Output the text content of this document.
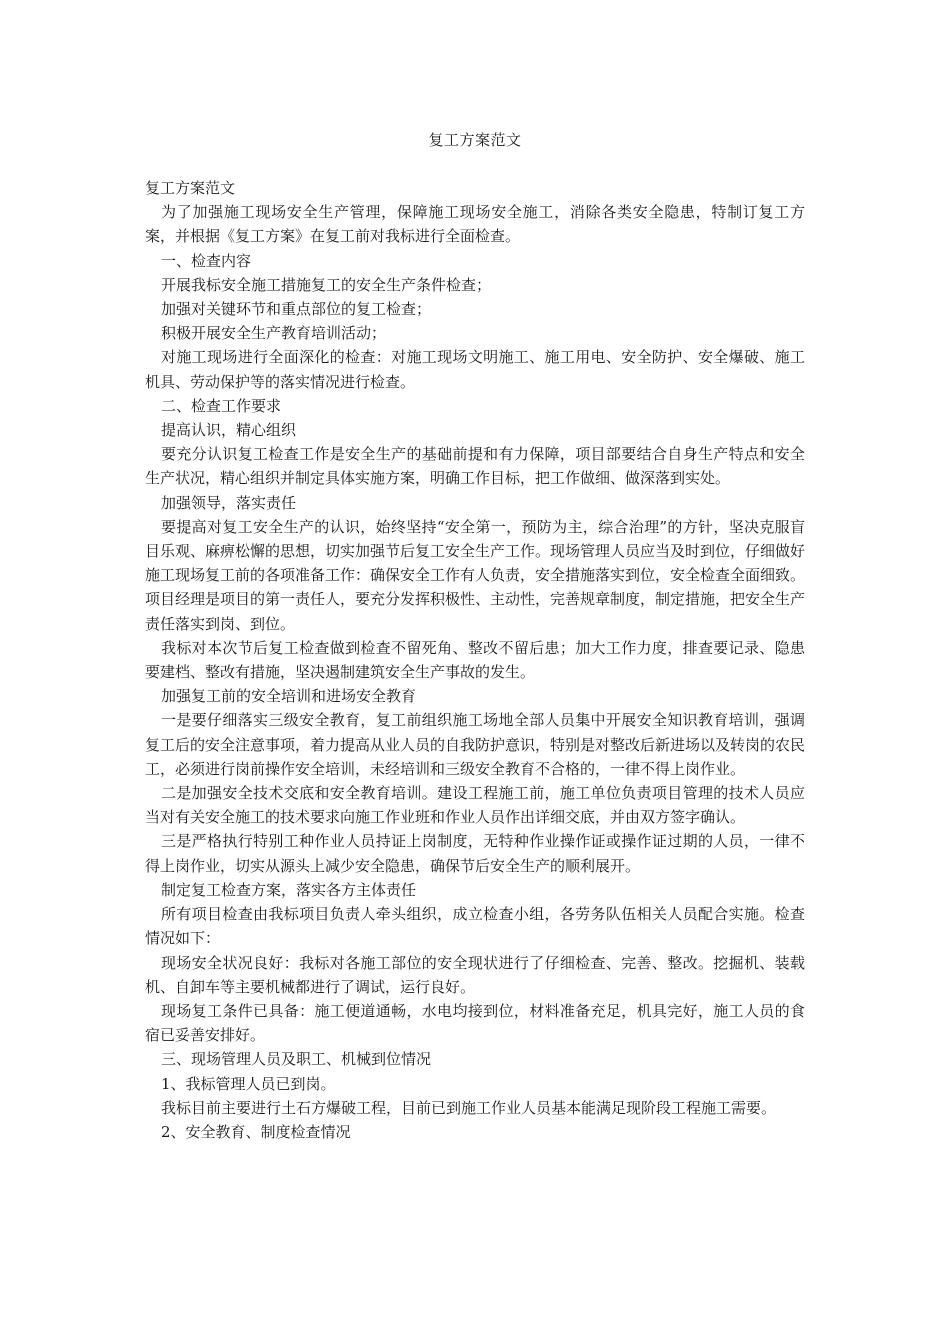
复工方案范文

复工方案范文

为了加强施工现场安全生产管理，保障施工现场安全施工，消除各类安全隐患，特制订复工方案，并根据《复工方案》在复工前对我标进行全面检查。

一、检查内容

开展我标安全施工措施复工的安全生产条件检查；

加强对关键环节和重点部位的复工检查；

积极开展安全生产教育培训活动；

对施工现场进行全面深化的检查：对施工现场文明施工、施工用电、安全防护、安全爆破、施工机具、劳动保护等的落实情况进行检查。

二、检查工作要求

提高认识，精心组织

要充分认识复工检查工作是安全生产的基础前提和有力保障，项目部要结合自身生产特点和安全生产状况，精心组织并制定具体实施方案，明确工作目标，把工作做细、做深落到实处。

加强领导，落实责任

要提高对复工安全生产的认识，始终坚持“安全第一，预防为主，综合治理”的方针，坚决克服盲目乐观、麻痹松懈的思想，切实加强节后复工安全生产工作。现场管理人员应当及时到位，仔细做好施工现场复工前的各项准备工作：确保安全工作有人负责，安全措施落实到位，安全检查全面细致。项目经理是项目的第一责任人，要充分发挥积极性、主动性，完善规章制度，制定措施，把安全生产责任落实到岗、到位。

我标对本次节后复工检查做到检查不留死角、整改不留后患；加大工作力度，排查要记录、隐患要建档、整改有措施，坚决遏制建筑安全生产事故的发生。

加强复工前的安全培训和进场安全教育

一是要仔细落实三级安全教育，复工前组织施工场地全部人员集中开展安全知识教育培训，强调复工后的安全注意事项，着力提高从业人员的自我防护意识，特别是对整改后新进场以及转岗的农民工，必须进行岗前操作安全培训，未经培训和三级安全教育不合格的，一律不得上岗作业。

二是加强安全技术交底和安全教育培训。建设工程施工前，施工单位负责项目管理的技术人员应当对有关安全施工的技术要求向施工作业班和作业人员作出详细交底，并由双方签字确认。

三是严格执行特别工种作业人员持证上岗制度，无特种作业操作证或操作证过期的人员，一律不得上岗作业，切实从源头上减少安全隐患，确保节后安全生产的顺利展开。

制定复工检查方案，落实各方主体责任

所有项目检查由我标项目负责人牵头组织，成立检查小组，各劳务队伍相关人员配合实施。检查情况如下：

现场安全状况良好：我标对各施工部位的安全现状进行了仔细检查、完善、整改。挖掘机、装载机、自卸车等主要机械都进行了调试，运行良好。

现场复工条件已具备：施工便道通畅，水电均接到位，材料准备充足，机具完好，施工人员的食宿已妥善安排好。

三、现场管理人员及职工、机械到位情况

1、我标管理人员已到岗。

我标目前主要进行土石方爆破工程，目前已到施工作业人员基本能满足现阶段工程施工需要。

2、安全教育、制度检查情况
